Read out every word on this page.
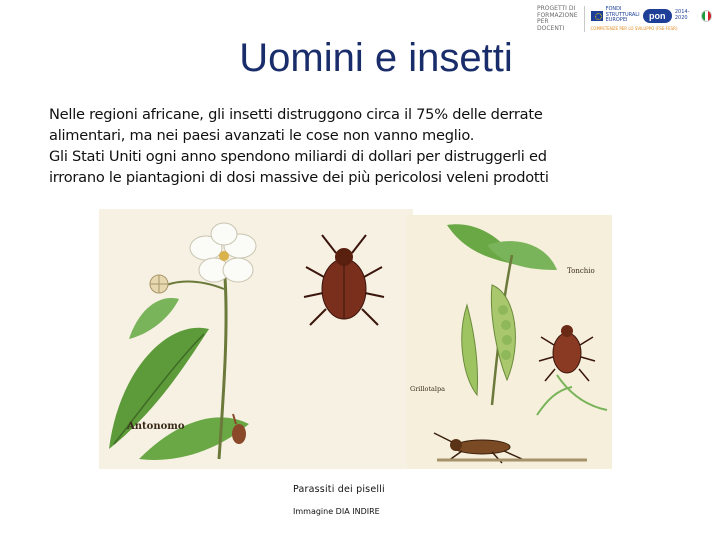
PROGETTI DI
FORMAZIONE
PER DOCENTI
FONDI
STRUTTURALI
EUROPEI	pon 2014-2020
COMPETENZE PER LO SVILUPPO (FSE-FESR)
Uomini e insetti

Nelle regioni africane, gli insetti distruggono circa il 75% delle derrate

alimentari, ma nei paesi avanzati le cose non vanno meglio.

Gli Stati Uniti ogni anno spendono miliardi di dollari per distruggerli ed

irrorano le piantagioni di dosi massive dei più pericolosi veleni prodotti

Antonomo
Tonchio
Grillotalpa
Parassiti dei piselli
Immagine DIA INDIRE
